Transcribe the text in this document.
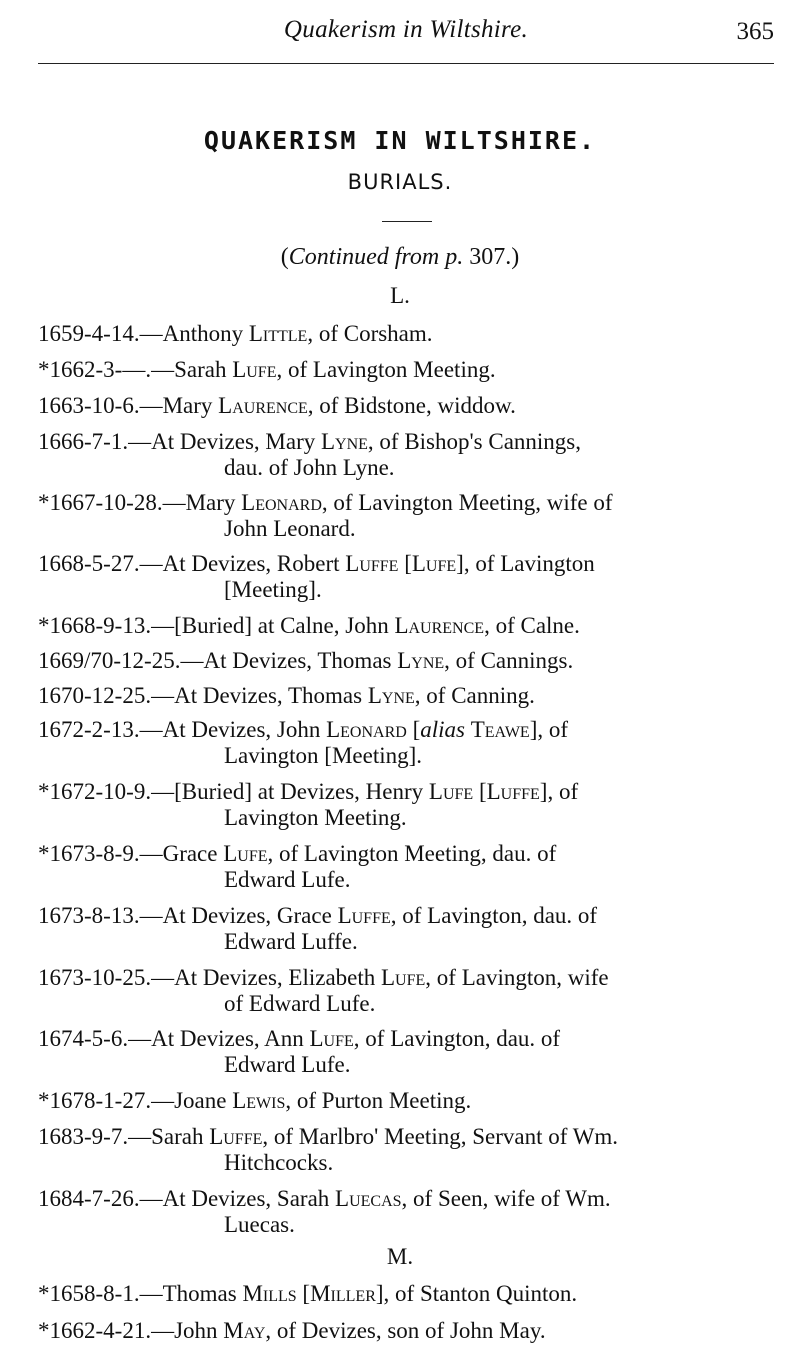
Quakerism in Wiltshire.	365
QUAKERISM IN WILTSHIRE.
BURIALS.
(Continued from p. 307.)
L.
1659-4-14.—Anthony Little, of Corsham.
*1662-3-—.—Sarah Lufe, of Lavington Meeting.
1663-10-6.—Mary Laurence, of Bidstone, widdow.
1666-7-1.—At Devizes, Mary Lyne, of Bishop's Cannings,
dau. of John Lyne.
*1667-10-28.—Mary Leonard, of Lavington Meeting, wife of
John Leonard.
1668-5-27.—At Devizes, Robert Luffe [Lufe], of Lavington
[Meeting].
*1668-9-13.—[Buried] at Calne, John Laurence, of Calne.
1669/70-12-25.—At Devizes, Thomas Lyne, of Cannings.
1670-12-25.—At Devizes, Thomas Lyne, of Canning.
1672-2-13.—At Devizes, John Leonard [alias Teawe], of
Lavington [Meeting].
*1672-10-9.—[Buried] at Devizes, Henry Lufe [Luffe], of
Lavington Meeting.
*1673-8-9.—Grace Lufe, of Lavington Meeting, dau. of
Edward Lufe.
1673-8-13.—At Devizes, Grace Luffe, of Lavington, dau. of
Edward Luffe.
1673-10-25.—At Devizes, Elizabeth Lufe, of Lavington, wife
of Edward Lufe.
1674-5-6.—At Devizes, Ann Lufe, of Lavington, dau. of
Edward Lufe.
*1678-1-27.—Joane Lewis, of Purton Meeting.
1683-9-7.—Sarah Luffe, of Marlbro' Meeting, Servant of Wm.
Hitchcocks.
1684-7-26.—At Devizes, Sarah Luecas, of Seen, wife of Wm.
Luecas.
M.
*1658-8-1.—Thomas Mills [Miller], of Stanton Quinton.
*1662-4-21.—John May, of Devizes, son of John May.
